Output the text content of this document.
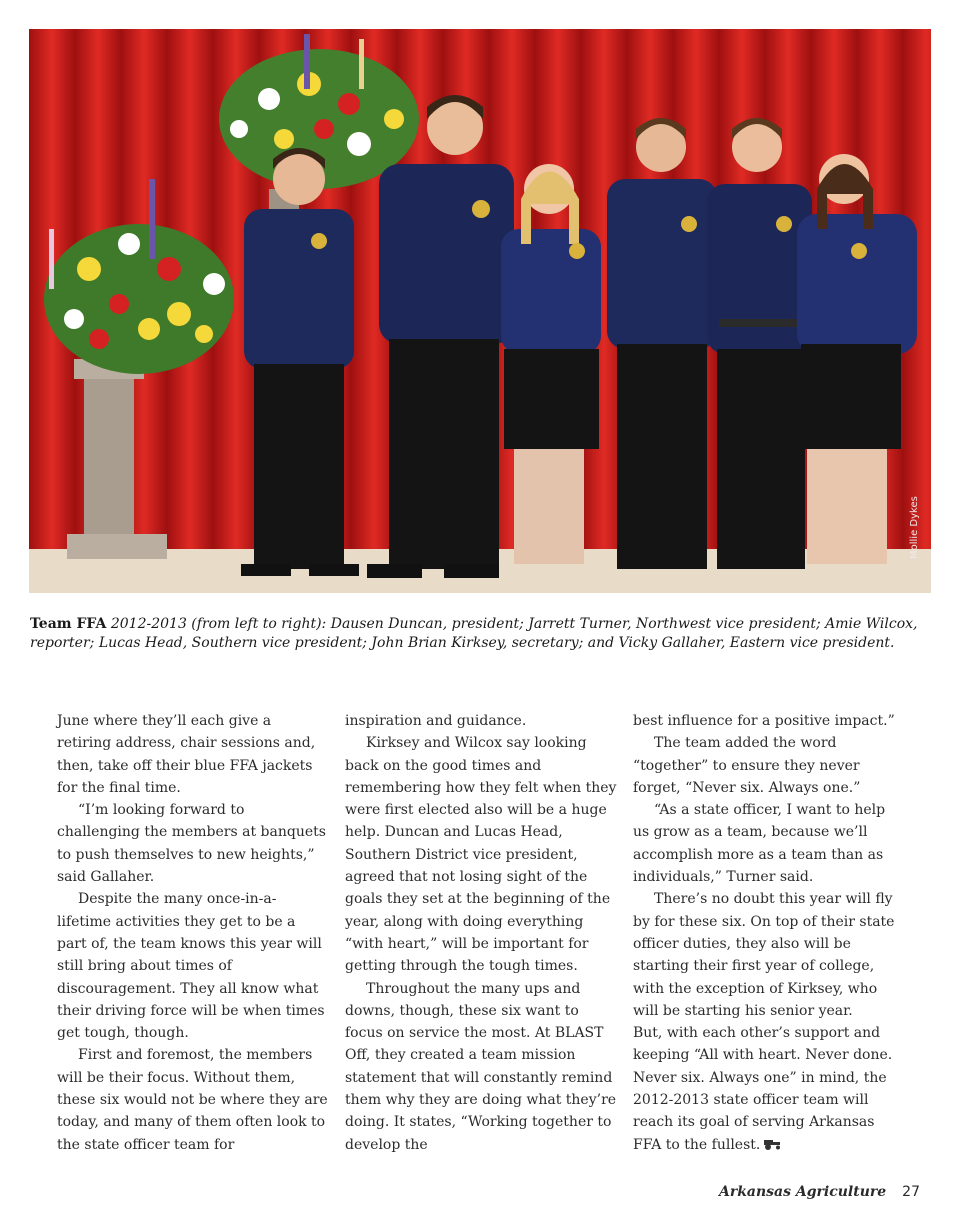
Mollie Dykes
Team FFA 2012-2013 (from left to right): Dausen Duncan, president; Jarrett Turner, Northwest vice president; Amie Wilcox, reporter; Lucas Head, Southern vice president; John Brian Kirksey, secretary; and Vicky Gallaher, Eastern vice president.

June where they’ll each give a retiring address, chair sessions and, then, take off their blue FFA jackets for the final time.

“I’m looking forward to challenging the members at banquets to push themselves to new heights,” said Gallaher.

Despite the many once-in-a-lifetime activities they get to be a part of, the team knows this year will still bring about times of discouragement. They all know what their driving force will be when times get tough, though.

First and foremost, the members will be their focus. Without them, these six would not be where they are today, and many of them often look to the state officer team for

inspiration and guidance.

Kirksey and Wilcox say looking back on the good times and remembering how they felt when they were first elected also will be a huge help. Duncan and Lucas Head, Southern District vice president, agreed that not losing sight of the goals they set at the beginning of the year, along with doing everything “with heart,” will be important for getting through the tough times.

Throughout the many ups and downs, though, these six want to focus on service the most. At BLAST Off, they created a team mission statement that will constantly remind them why they are doing what they’re doing. It states, “Working together to develop the

best influence for a positive impact.”

The team added the word “together” to ensure they never forget, “Never six. Always one.”

“As a state officer, I want to help us grow as a team, because we’ll accomplish more as a team than as individuals,” Turner said.

There’s no doubt this year will fly by for these six. On top of their state officer duties, they also will be starting their first year of college, with the exception of Kirksey, who will be starting his senior year.

But, with each other’s support and keeping “All with heart. Never done. Never six. Always one” in mind, the 2012-2013 state officer team will reach its goal of serving Arkansas FFA to the fullest.

Arkansas Agriculture 27
